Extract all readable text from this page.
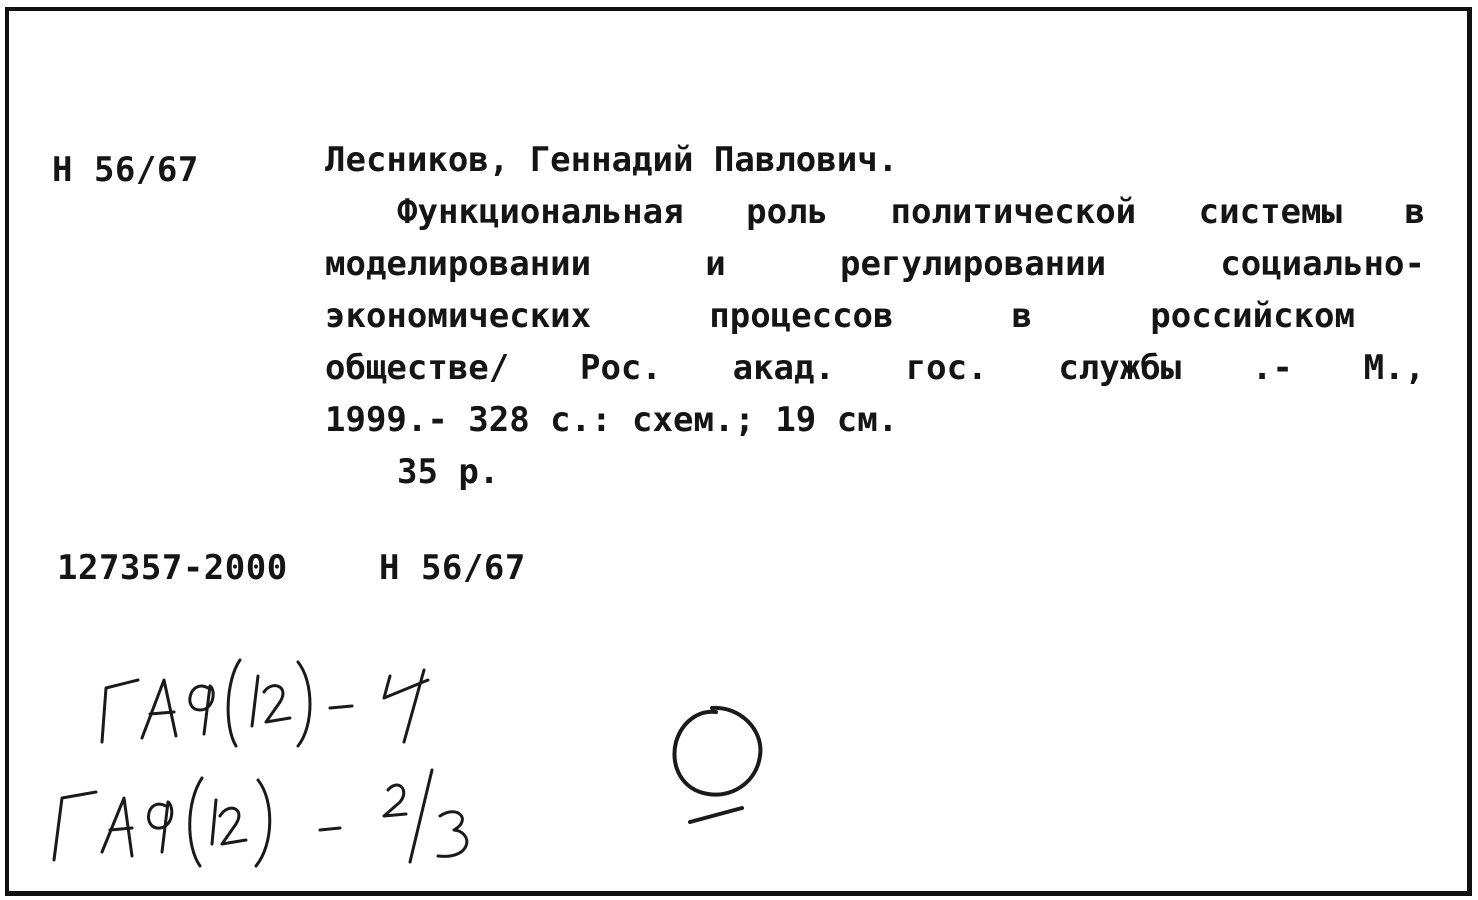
Н 56/67	Лесников, Геннадий Павлович.
Функциональная роль политической системы в
моделировании	и	регулировании	социально-
экономических	процессов	в	российском
обществе/ Рос. акад. гос. службы .- М.,
1999.- 328 с.: схем.; 19 см.
35 р.
127357-2000	Н 56/67
